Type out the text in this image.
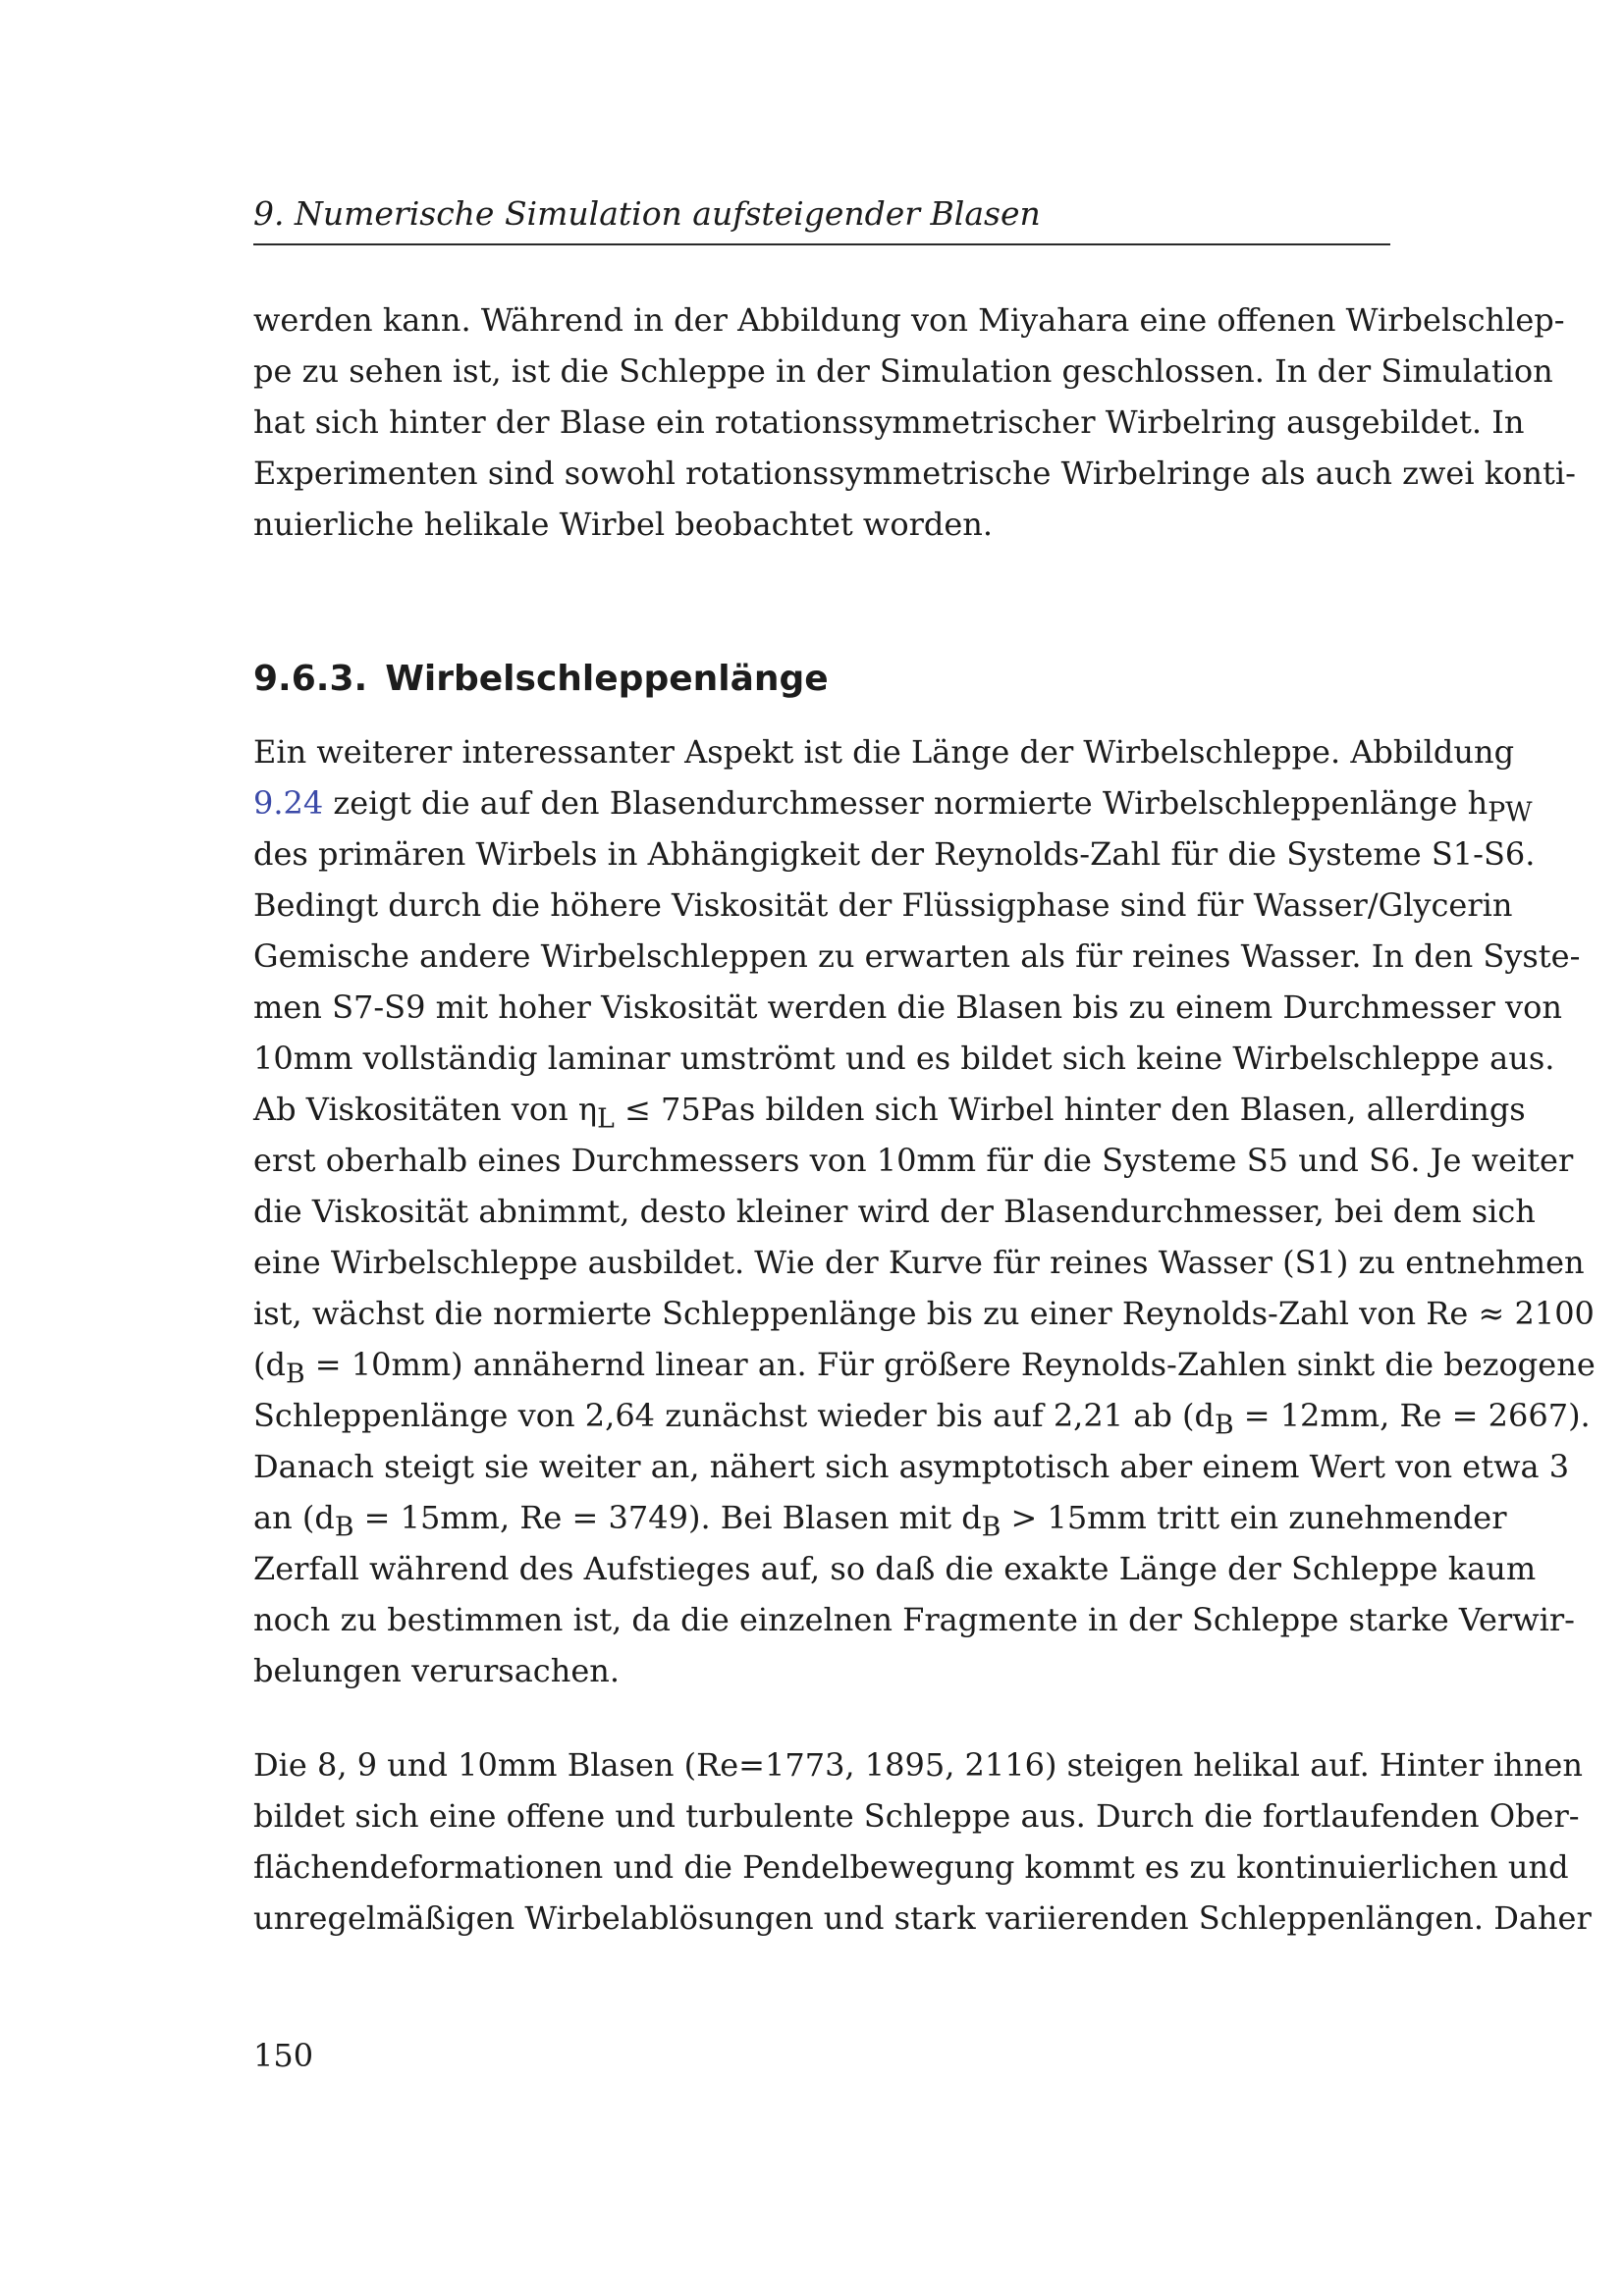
9. Numerische Simulation aufsteigender Blasen
werden kann. Während in der Abbildung von Miyahara eine offenen Wirbelschlep-
pe zu sehen ist, ist die Schleppe in der Simulation geschlossen. In der Simulation
hat sich hinter der Blase ein rotationssymmetrischer Wirbelring ausgebildet. In
Experimenten sind sowohl rotationssymmetrische Wirbelringe als auch zwei konti-
nuierliche helikale Wirbel beobachtet worden.
9.6.3. Wirbelschleppenlänge
Ein weiterer interessanter Aspekt ist die Länge der Wirbelschleppe. Abbildung
9.24 zeigt die auf den Blasendurchmesser normierte Wirbelschleppenlänge $h_{PW}$
des primären Wirbels in Abhängigkeit der Reynolds-Zahl für die Systeme S1-S6.
Bedingt durch die höhere Viskosität der Flüssigphase sind für Wasser/Glycerin
Gemische andere Wirbelschleppen zu erwarten als für reines Wasser. In den Syste-
men S7-S9 mit hoher Viskosität werden die Blasen bis zu einem Durchmesser von
10mm vollständig laminar umströmt und es bildet sich keine Wirbelschleppe aus.
Ab Viskositäten von $\eta_L \le 75Pas$ bilden sich Wirbel hinter den Blasen, allerdings
erst oberhalb eines Durchmessers von 10mm für die Systeme S5 und S6. Je weiter
die Viskosität abnimmt, desto kleiner wird der Blasendurchmesser, bei dem sich
eine Wirbelschleppe ausbildet. Wie der Kurve für reines Wasser (S1) zu entnehmen
ist, wächst die normierte Schleppenlänge bis zu einer Reynolds-Zahl von Re ≈ 2100
$(d_B = 10mm)$ annähernd linear an. Für größere Reynolds-Zahlen sinkt die bezogene
Schleppenlänge von 2,64 zunächst wieder bis auf 2,21 ab ($d_B = 12mm$, Re = 2667).
Danach steigt sie weiter an, nähert sich asymptotisch aber einem Wert von etwa 3
an ($d_B = 15mm$, Re = 3749). Bei Blasen mit $d_B > 15mm$ tritt ein zunehmender
Zerfall während des Aufstieges auf, so daß die exakte Länge der Schleppe kaum
noch zu bestimmen ist, da die einzelnen Fragmente in der Schleppe starke Verwir-
belungen verursachen.
Die 8, 9 und 10mm Blasen (Re=1773, 1895, 2116) steigen helikal auf. Hinter ihnen
bildet sich eine offene und turbulente Schleppe aus. Durch die fortlaufenden Ober-
flächendeformationen und die Pendelbewegung kommt es zu kontinuierlichen und
unregelmäßigen Wirbelablösungen und stark variierenden Schleppenlängen. Daher
150
